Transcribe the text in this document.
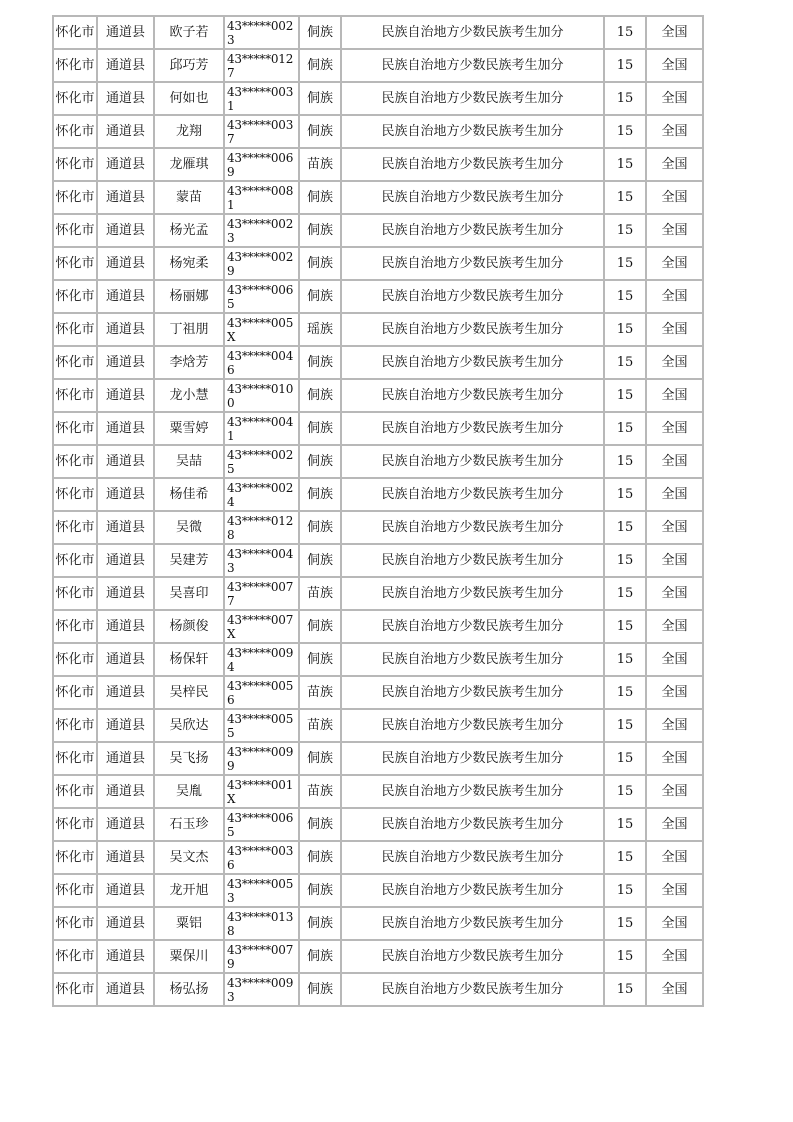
怀化市	通道县	欧子若	43*****0023	侗族	民族自治地方少数民族考生加分	15	全国
怀化市	通道县	邱巧芳	43*****0127	侗族	民族自治地方少数民族考生加分	15	全国
怀化市	通道县	何如也	43*****0031	侗族	民族自治地方少数民族考生加分	15	全国
怀化市	通道县	龙翔	43*****0037	侗族	民族自治地方少数民族考生加分	15	全国
怀化市	通道县	龙雁琪	43*****0069	苗族	民族自治地方少数民族考生加分	15	全国
怀化市	通道县	蒙苗	43*****0081	侗族	民族自治地方少数民族考生加分	15	全国
怀化市	通道县	杨光孟	43*****0023	侗族	民族自治地方少数民族考生加分	15	全国
怀化市	通道县	杨宛柔	43*****0029	侗族	民族自治地方少数民族考生加分	15	全国
怀化市	通道县	杨丽娜	43*****0065	侗族	民族自治地方少数民族考生加分	15	全国
怀化市	通道县	丁祖朋	43*****005X	瑶族	民族自治地方少数民族考生加分	15	全国
怀化市	通道县	李焓芳	43*****0046	侗族	民族自治地方少数民族考生加分	15	全国
怀化市	通道县	龙小慧	43*****0100	侗族	民族自治地方少数民族考生加分	15	全国
怀化市	通道县	粟雪婷	43*****0041	侗族	民族自治地方少数民族考生加分	15	全国
怀化市	通道县	吴喆	43*****0025	侗族	民族自治地方少数民族考生加分	15	全国
怀化市	通道县	杨佳希	43*****0024	侗族	民族自治地方少数民族考生加分	15	全国
怀化市	通道县	吴微	43*****0128	侗族	民族自治地方少数民族考生加分	15	全国
怀化市	通道县	吴建芳	43*****0043	侗族	民族自治地方少数民族考生加分	15	全国
怀化市	通道县	吴喜印	43*****0077	苗族	民族自治地方少数民族考生加分	15	全国
怀化市	通道县	杨颜俊	43*****007X	侗族	民族自治地方少数民族考生加分	15	全国
怀化市	通道县	杨保轩	43*****0094	侗族	民族自治地方少数民族考生加分	15	全国
怀化市	通道县	吴梓民	43*****0056	苗族	民族自治地方少数民族考生加分	15	全国
怀化市	通道县	吴欣达	43*****0055	苗族	民族自治地方少数民族考生加分	15	全国
怀化市	通道县	吴飞扬	43*****0099	侗族	民族自治地方少数民族考生加分	15	全国
怀化市	通道县	吴胤	43*****001X	苗族	民族自治地方少数民族考生加分	15	全国
怀化市	通道县	石玉珍	43*****0065	侗族	民族自治地方少数民族考生加分	15	全国
怀化市	通道县	吴文杰	43*****0036	侗族	民族自治地方少数民族考生加分	15	全国
怀化市	通道县	龙开旭	43*****0053	侗族	民族自治地方少数民族考生加分	15	全国
怀化市	通道县	粟铝	43*****0138	侗族	民族自治地方少数民族考生加分	15	全国
怀化市	通道县	粟保川	43*****0079	侗族	民族自治地方少数民族考生加分	15	全国
怀化市	通道县	杨弘扬	43*****0093	侗族	民族自治地方少数民族考生加分	15	全国
